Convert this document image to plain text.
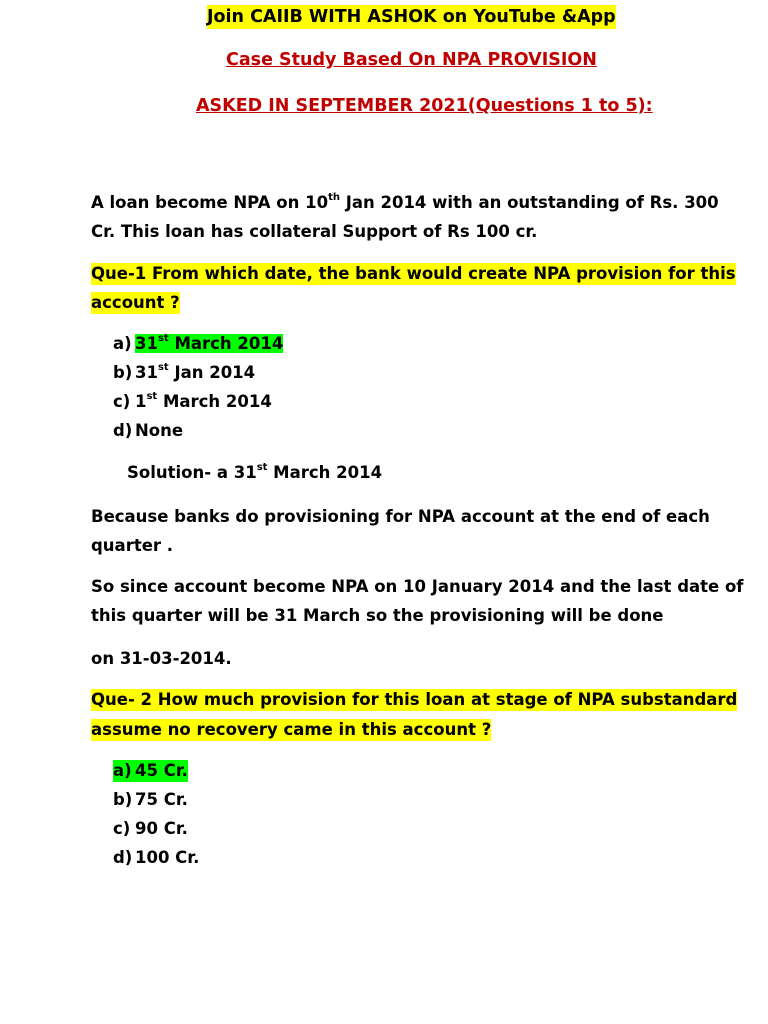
Join CAIIB WITH ASHOK on YouTube &App
Case Study Based On NPA PROVISION
ASKED IN SEPTEMBER 2021(Questions 1 to 5):
A loan become NPA on 10th Jan 2014 with an outstanding of Rs. 300
Cr. This loan has collateral Support of Rs 100 cr.
Que-1 From which date, the bank would create NPA provision for this
account ?
a) 31st March 2014
b) 31st Jan 2014
c) 1st March 2014
d) None
Solution- a 31st March 2014
Because banks do provisioning for NPA account at the end of each
quarter .
So since account become NPA on 10 January 2014 and the last date of
this quarter will be 31 March so the provisioning will be done
on 31-03-2014.
Que- 2 How much provision for this loan at stage of NPA substandard
assume no recovery came in this account ?
a) 45 Cr.
b) 75 Cr.
c) 90 Cr.
d) 100 Cr.
